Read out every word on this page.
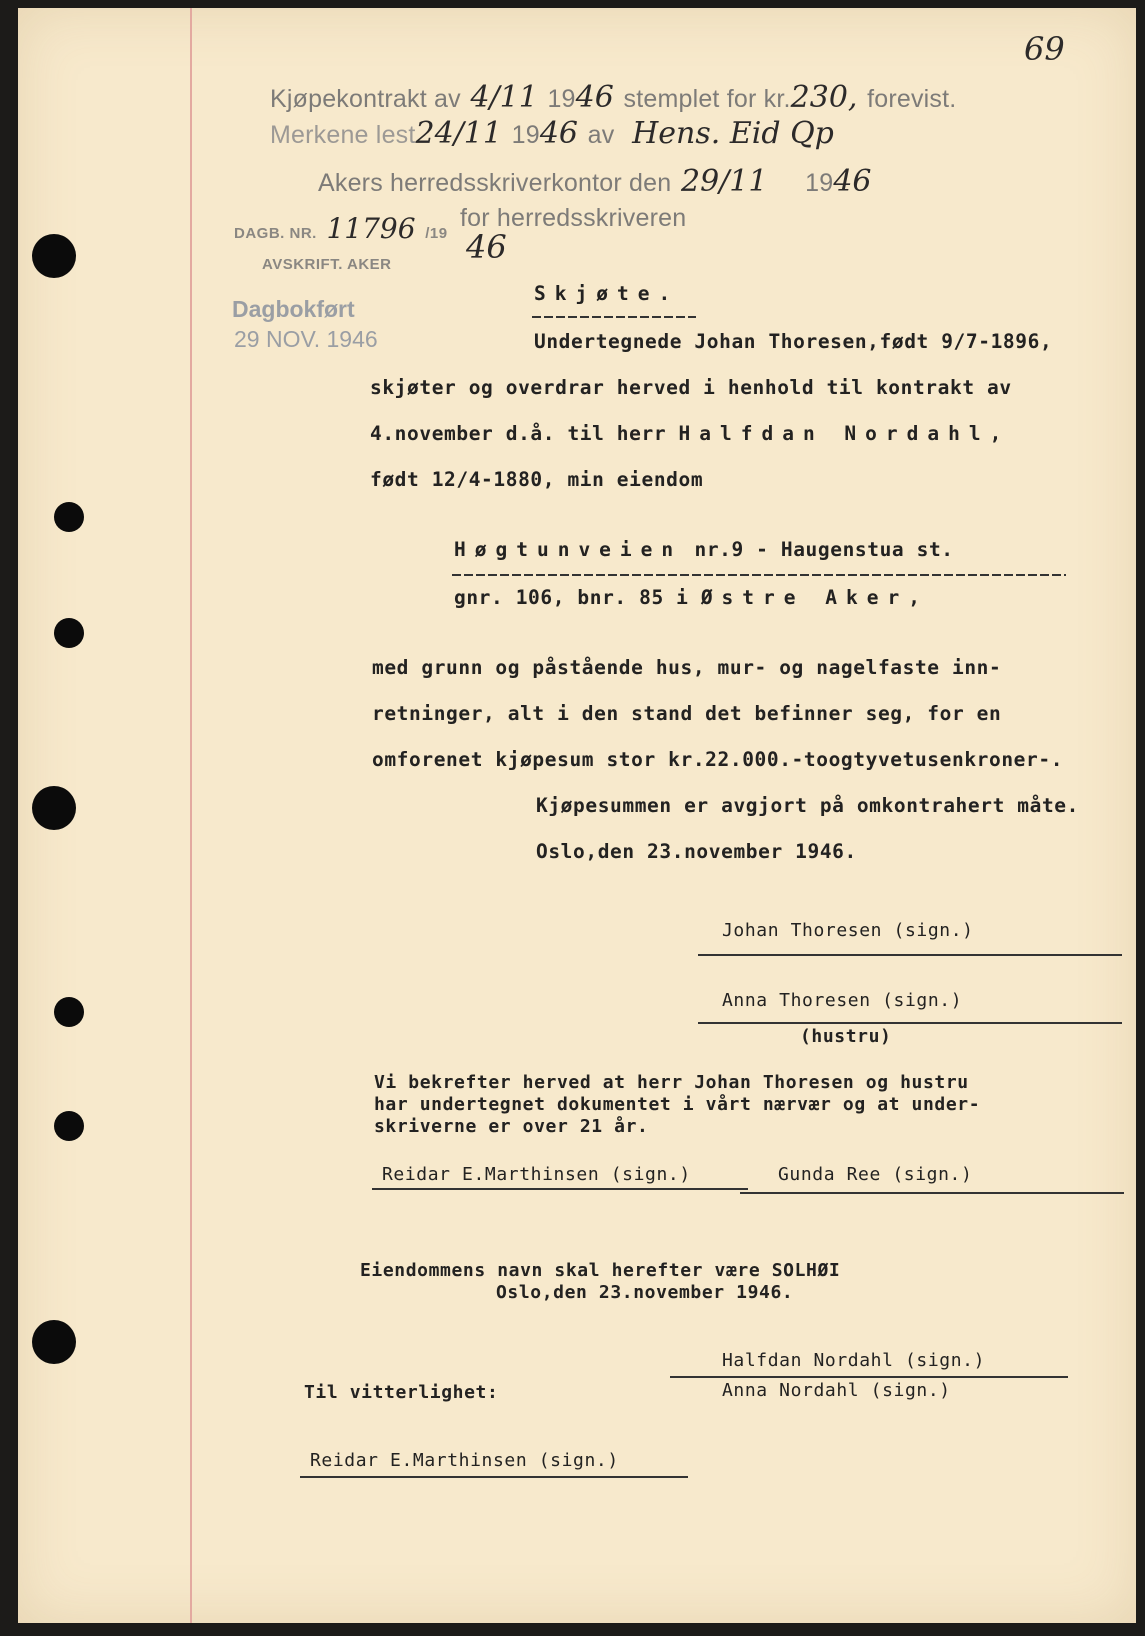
69
Kjøpekontrakt av 4/11 1946 stemplet for kr.230, forevist.
Merkene lest24/11 1946 av Hens. Eid Qp
Akers herredsskriverkontor den 29/11 1946
for herredsskriveren
DAGB. NR. 11796 /19 46
AVSKRIFT. AKER
Dagbokført
29 NOV. 1946
Skjøte.
Undertegnede Johan Thoresen,født 9/7-1896,
skjøter og overdrar herved i henhold til kontrakt av
4.november d.å. til herr Halfdan Nordahl,
født 12/4-1880, min eiendom
Høgtunveien nr.9 - Haugenstua st.
gnr. 106, bnr. 85 i Østre Aker,
med grunn og påstående hus, mur- og nagelfaste inn-
retninger, alt i den stand det befinner seg, for en
omforenet kjøpesum stor kr.22.000.-toogtyvetusenkroner-.
Kjøpesummen er avgjort på omkontrahert måte.
Oslo,den 23.november 1946.
Johan Thoresen (sign.)
Anna Thoresen (sign.)
(hustru)
Vi bekrefter herved at herr Johan Thoresen og hustru
har undertegnet dokumentet i vårt nærvær og at under-
skriverne er over 21 år.
Reidar E.Marthinsen (sign.)	Gunda Ree (sign.)
Eiendommens navn skal herefter være SOLHØI
Oslo,den 23.november 1946.
Halfdan Nordahl (sign.)
Anna Nordahl (sign.)
Til vitterlighet:
Reidar E.Marthinsen (sign.)
